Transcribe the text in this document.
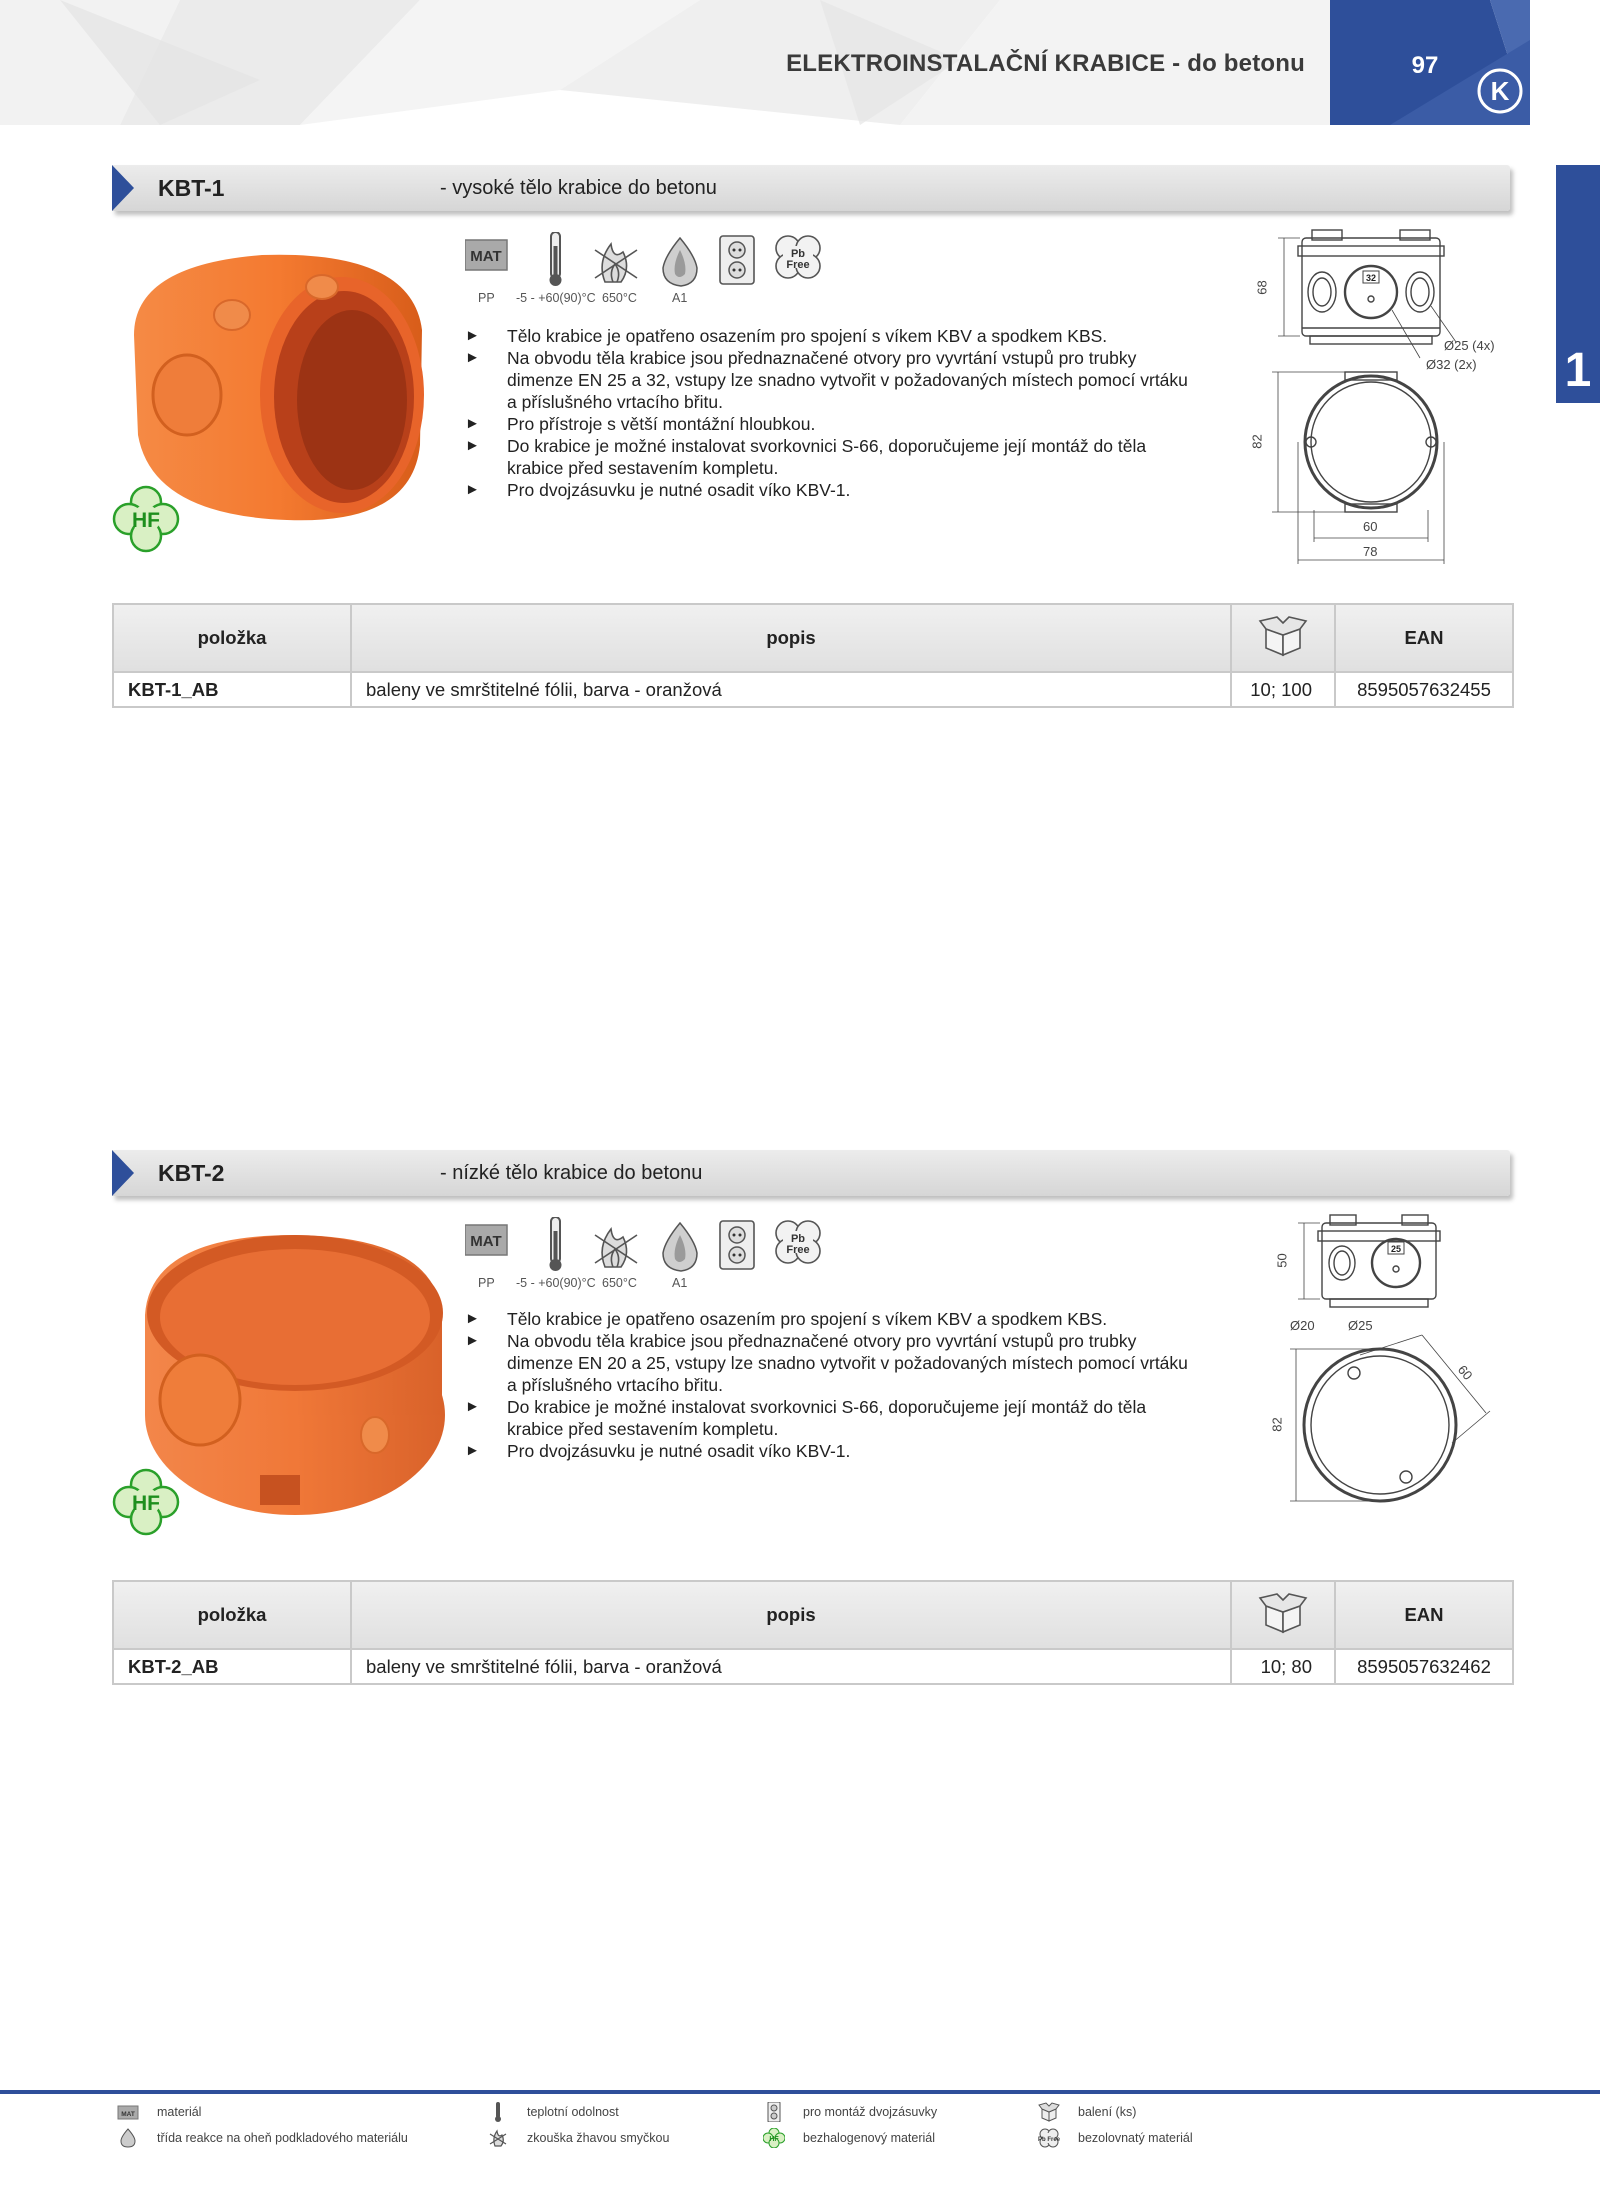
ELEKTROINSTALAČNÍ KRABICE - do betonu	97
K
1
KBT-1	- vysoké tělo krabice do betonu
HF
MAT	Pb
Free
PP -5 - +60(90)°C 650°C	A1
► Tělo krabice je opatřeno osazením pro spojení s víkem KBV a spodkem KBS.
► Na obvodu těla krabice jsou přednaznačené otvory pro vyvrtání vstupů pro trubky dimenze EN 25 a 32, vstupy lze snadno vytvořit v požadovaných místech pomocí vrtáku a příslušného vrtacího břitu.
► Pro přístroje s větší montážní hloubkou.
► Do krabice je možné instalovat svorkovnici S-66, doporučujeme její montáž do těla krabice před sestavením kompletu.
► Pro dvojzásuvku je nutné osadit víko KBV-1.
32
68
82
60
78
Ø25 (4x)
Ø32 (2x)
položka	popis		EAN
KBT-1_AB	baleny ve smrštitelné fólii, barva - oranžová	10; 100	8595057632455
KBT-2	- nízké tělo krabice do betonu
HF
MAT	Pb
Free
PP -5 - +60(90)°C 650°C	A1
► Tělo krabice je opatřeno osazením pro spojení s víkem KBV a spodkem KBS.
► Na obvodu těla krabice jsou přednaznačené otvory pro vyvrtání vstupů pro trubky dimenze EN 20 a 25, vstupy lze snadno vytvořit v požadovaných místech pomocí vrtáku a příslušného vrtacího břitu.
► Do krabice je možné instalovat svorkovnici S-66, doporučujeme její montáž do těla krabice před sestavením kompletu.
► Pro dvojzásuvku je nutné osadit víko KBV-1.
25
50
82
60
Ø20	Ø25
položka	popis		EAN
KBT-2_AB	baleny ve smrštitelné fólii, barva - oranžová	10; 80	8595057632462
MAT materiál
třída reakce na oheň podkladového materiálu
teplotní odolnost
zkouška žhavou smyčkou
pro montáž dvojzásuvky
HF bezhalogenový materiál
balení (ks)
Pb Free bezolovnatý materiál
